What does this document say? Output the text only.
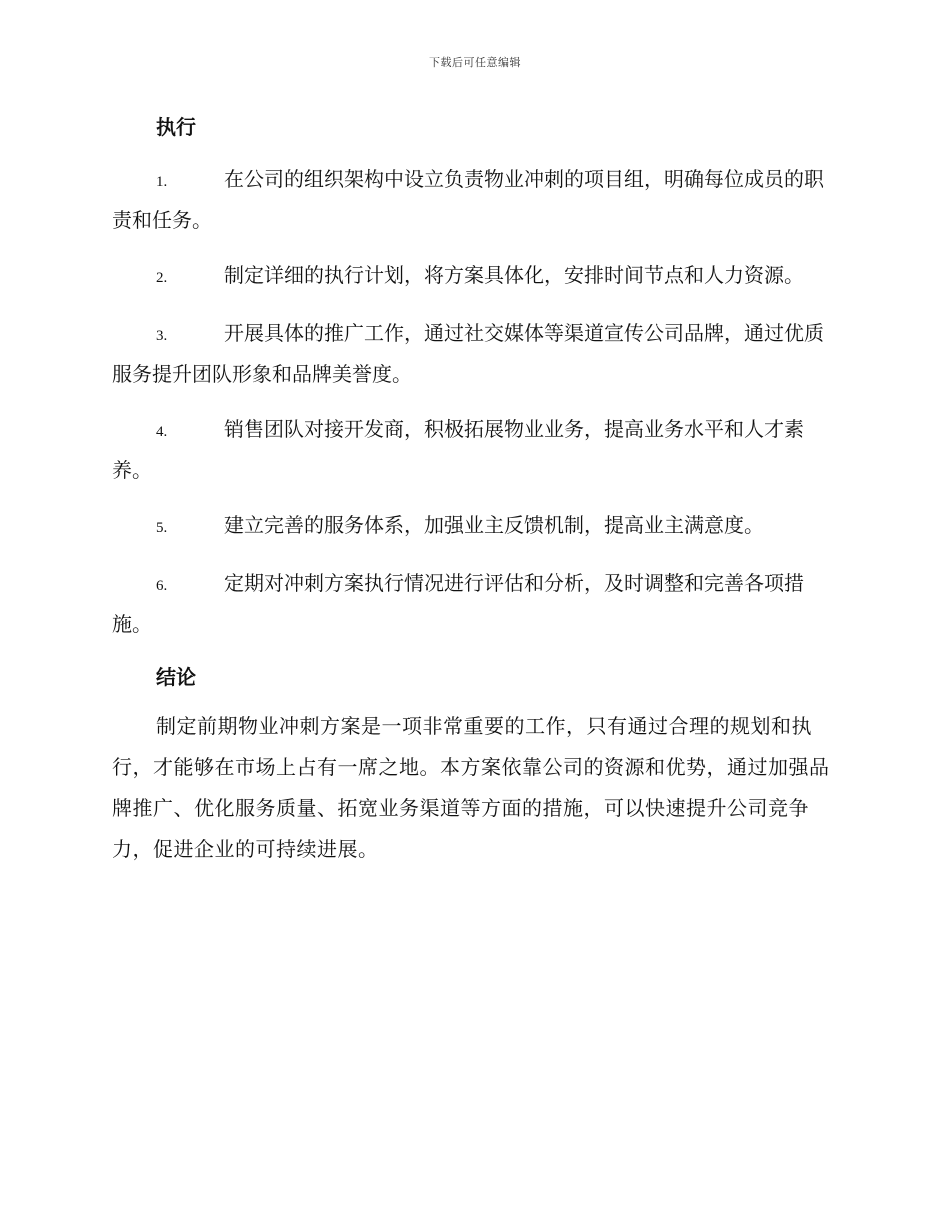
下载后可任意编辑
执行
1.	在公司的组织架构中设立负责物业冲刺的项目组，明确每位成员的职责和任务。
2.	制定详细的执行计划，将方案具体化，安排时间节点和人力资源。
3.	开展具体的推广工作，通过社交媒体等渠道宣传公司品牌，通过优质服务提升团队形象和品牌美誉度。
4.	销售团队对接开发商，积极拓展物业业务，提高业务水平和人才素养。
5.	建立完善的服务体系，加强业主反馈机制，提高业主满意度。
6.	定期对冲刺方案执行情况进行评估和分析，及时调整和完善各项措施。
结论

制定前期物业冲刺方案是一项非常重要的工作，只有通过合理的规划和执行，才能够在市场上占有一席之地。本方案依靠公司的资源和优势，通过加强品牌推广、优化服务质量、拓宽业务渠道等方面的措施，可以快速提升公司竞争力，促进企业的可持续进展。
